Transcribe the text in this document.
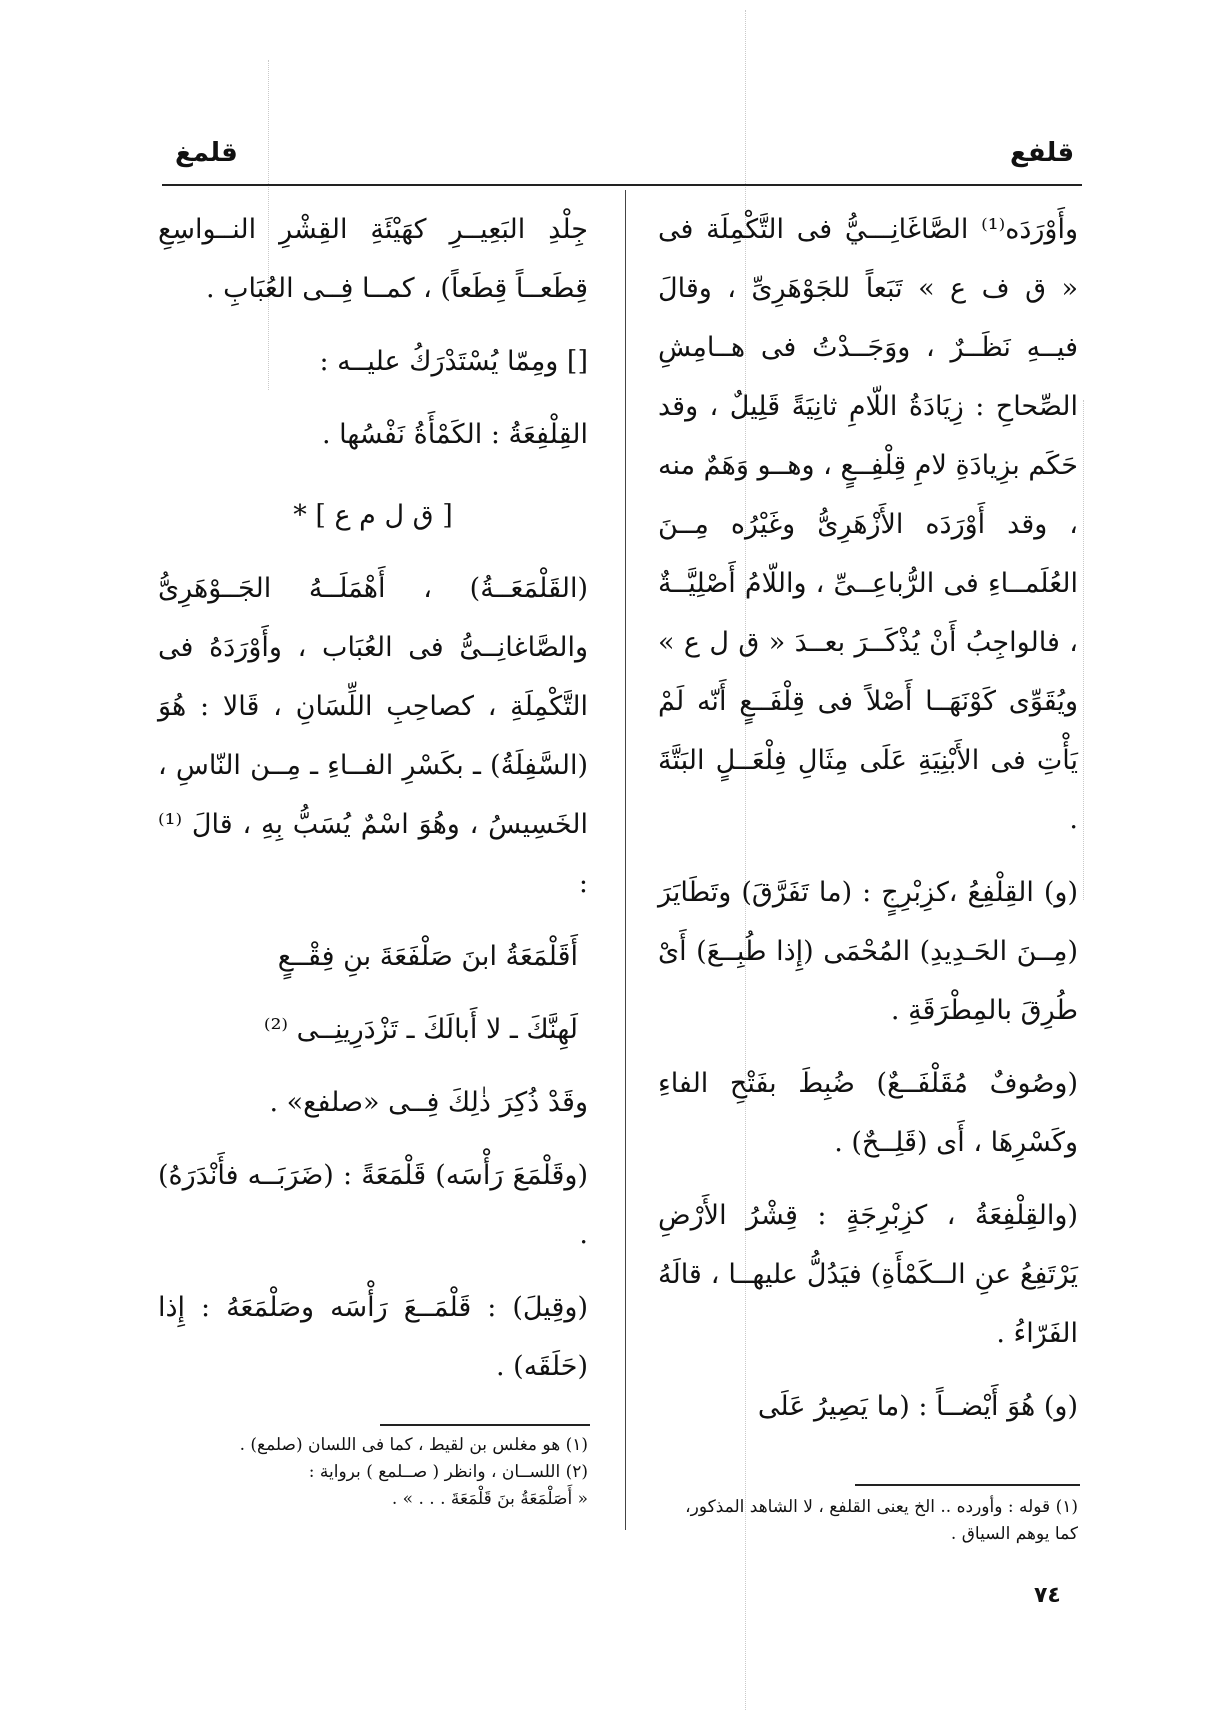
قلمغ	قلفع

وأَوْرَدَه⁽¹⁾ الصَّاغَانِـــيُّ فى التَّكْمِلَة فى « ق ف ع » تَبَعاً للجَوْهَرِىِّ ، وقالَ فيــهِ نَظَــرٌ ، ووَجَــدْتُ فى هــامِشِ الصِّحاحِ : زِيَادَةُ اللّامِ ثانِيَةً قَلِيلٌ ، وقد حَكَم بزِيادَةِ لامِ قِلْفِــعٍ ، وهــو وَهَمٌ منه ، وقد أَوْرَدَه الأَزْهَرِىُّ وغَيْرُه مِــنَ العُلَمــاءِ فى الرُّباعِــىِّ ، واللّامُ أَصْلِيَّــةٌ ، فالواجِبُ أَنْ يُذْكَــرَ بعــدَ « ق ل ع » ويُقَوِّى كَوْنَهَــا أَصْلاً فى قِلْفَــعٍ أَنّه لَمْ يَأْتِ فى الأَبْنِيَةِ عَلَى مِثَالِ فِلْعَــلٍ البَتَّةَ .

(و) القِلْفِعُ ،كزِبْرِجٍ : (ما تَفَرَّقَ) وتَطَايَرَ (مِــنَ الحَـدِيدِ) المُحْمَى (إِذا طُبِــعَ) أَىْ طُرِقَ بالمِطْرَقَةِ .

(وصُوفٌ مُقَلْفَــعٌ) ضُبِطَ بفَتْحِ الفاءِ وكَسْرِهَا ، أَى (قَلِــحٌ) .

(والقِلْفِعَةُ ، كزِبْرِجَةٍ : قِشْرُ الأَرْضِ يَرْتَفِعُ عنِ الــكَمْأَةِ) فيَدُلُّ عليهــا ، قالَهُ الفَرّاءُ .

(و) هُوَ أَيْضــاً : (ما يَصِيرُ عَلَى

جِلْدِ البَعِيــرِ كهَيْئَةِ القِشْرِ النــواسِعِ قِطَعــاً قِطَعاً) ، كمــا فِــى العُبَابِ .

[] ومِمّا يُسْتَدْرَكُ عليــه :

القِلْفِعَةُ : الكَمْأَةُ نَفْسُها .

[ ق ل م ع ] *

(القَلْمَعَــةُ) ، أَهْمَلَــهُ الجَــوْهَرِىُّ والصَّاغانِــىُّ فى العُبَاب ، وأَوْرَدَهُ فى التَّكْمِلَةِ ، كصاحِبِ اللِّسَانِ ، قَالا : هُوَ (السَّفِلَةُ) ـ بكَسْرِ الفــاءِ ـ مِــن النّاسِ ، الخَسِيسُ ، وهُوَ اسْمٌ يُسَبُّ بِهِ ، قالَ ⁽¹⁾ :

أَقَلْمَعَةُ ابنَ صَلْفَعَةَ بنِ فِقْــعٍ

لَهِنَّكَ ـ لا أَبالَكَ ـ تَزْدَرِينِــى ⁽²⁾

وقَدْ ذُكِرَ ذٰلِكَ فِــى «صلفع» .

(وقَلْمَعَ رَأْسَه) قَلْمَعَةً : (ضَرَبَــه فأَنْدَرَهُ) .

(وقِيلَ) : قَلْمَــعَ رَأْسَه وصَلْمَعَهُ : إِذا (حَلَقَه) .

(١) هو مغلس بن لقيط ، كما فى اللسان (صلمع) .

(٢) اللســان ، وانظر ( صــلمع ) برواية :

« أَصَلْمَعَةُ بنَ قَلْمَعَةَ . . . » .	(١) قوله : وأورده .. الخ يعنى القلفع ، لا الشاهد المذكور،

كما يوهم السياق .

٧٤
